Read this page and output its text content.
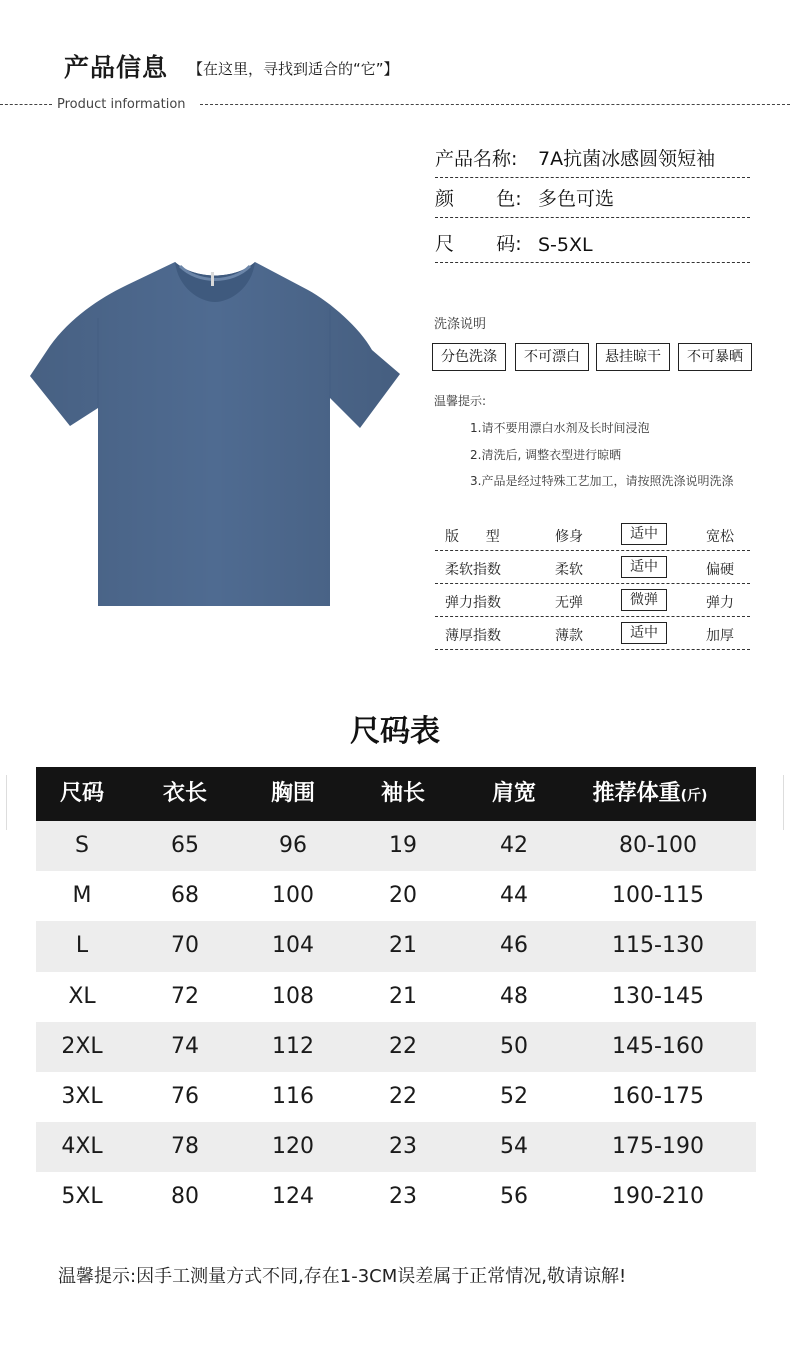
产品信息 【在这里，寻找到适合的“它”】
Product information
产品名称: 7A抗菌冰感圆领短袖
颜       色: 多色可选
尺       码: S-5XL
洗涤说明
分色洗涤	不可漂白	悬挂晾干	不可暴晒
温馨提示:
1.请不要用漂白水剂及长时间浸泡
2.清洗后, 调整衣型进行晾晒
3.产品是经过特殊工艺加工，请按照洗涤说明洗涤
版      型	修身	适中	宽松
柔软指数	柔软	适中	偏硬
弹力指数	无弹	微弹	弹力
薄厚指数	薄款	适中	加厚
尺码表
尺码	衣长	胸围	袖长	肩宽	推荐体重(斤)
S	65	96	19	42	80-100
M	68	100	20	44	100-115
L	70	104	21	46	115-130
XL	72	108	21	48	130-145
2XL	74	112	22	50	145-160
3XL	76	116	22	52	160-175
4XL	78	120	23	54	175-190
5XL	80	124	23	56	190-210
温馨提示:因手工测量方式不同,存在1-3CM误差属于正常情况,敬请谅解!
